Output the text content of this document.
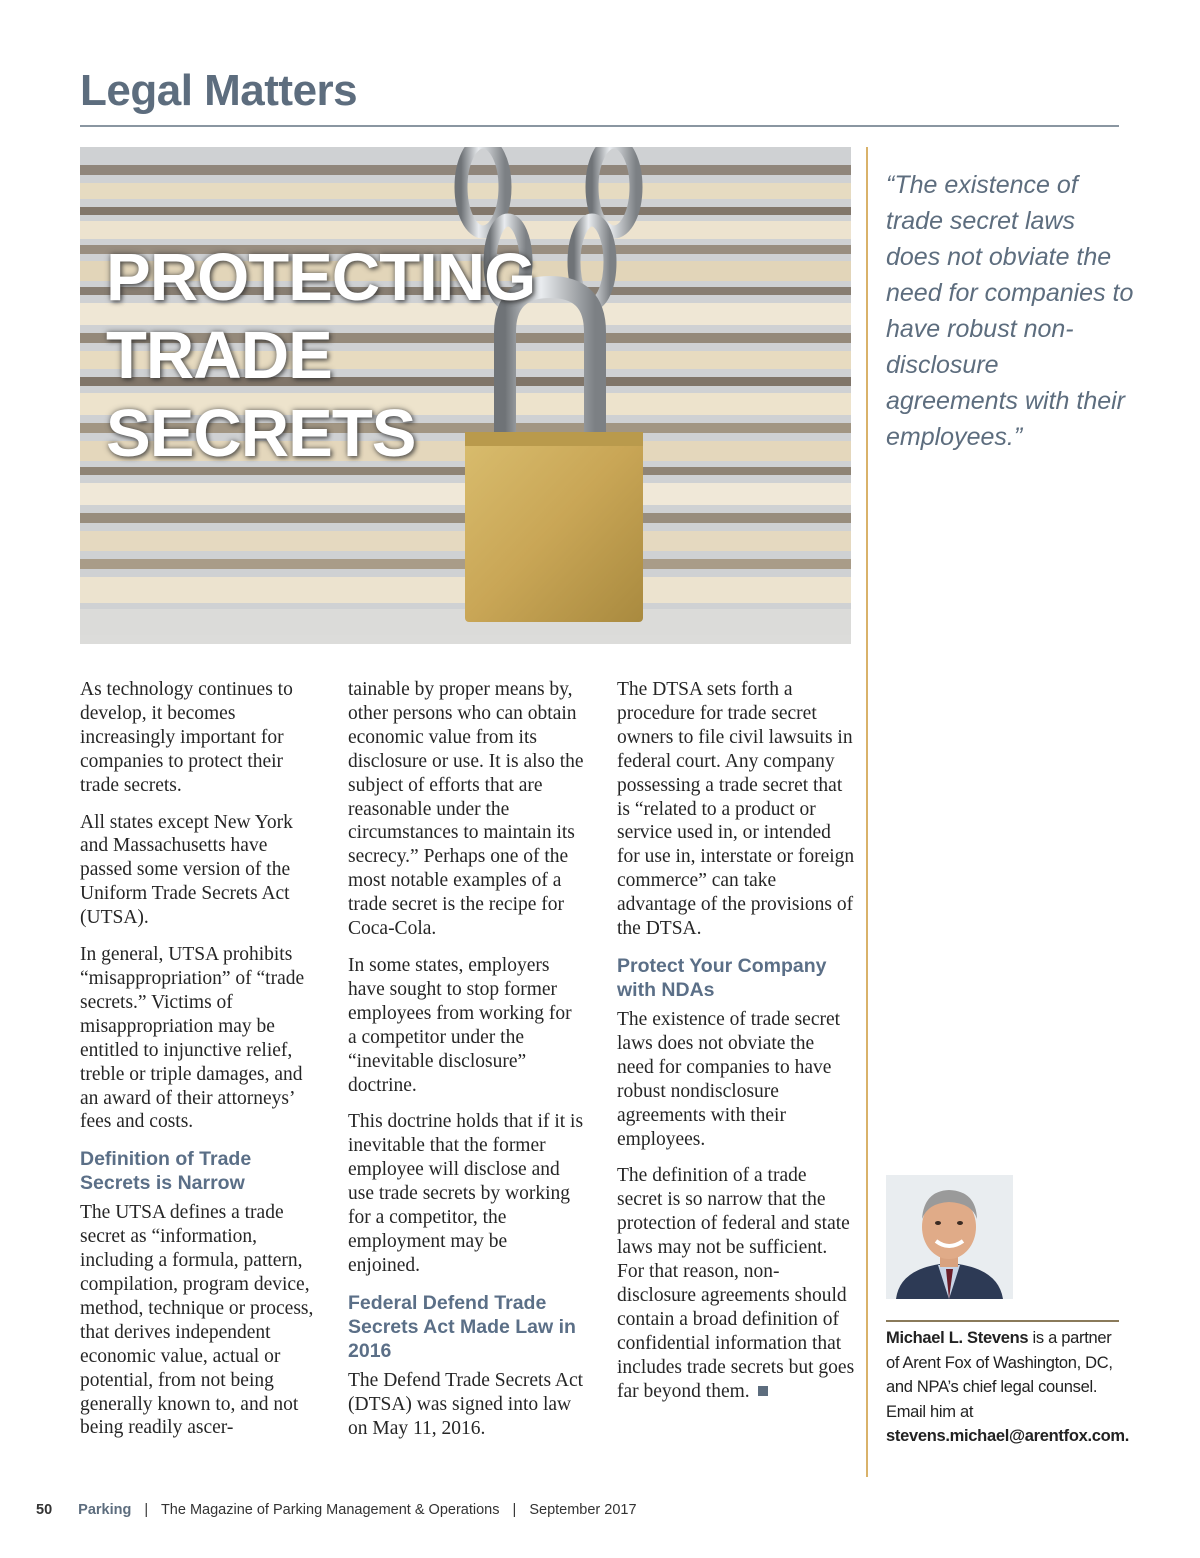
Legal Matters
PROTECTING
TRADE
SECRETS
“The existence of trade secret laws does not obviate the need for companies to have robust non-disclosure agreements with their employees.”

As technology continues to develop, it becomes increasingly important for companies to protect their trade secrets.

All states except New York and Massachusetts have passed some version of the Uniform Trade Secrets Act (UTSA).

In general, UTSA prohibits “misappropriation” of “trade secrets.” Victims of misappropriation may be entitled to injunctive relief, treble or triple damages, and an award of their attorneys’ fees and costs.

Definition of Trade Secrets is Narrow

The UTSA defines a trade secret as “information, including a formula, pattern, compilation, program device, method, technique or process, that derives independent economic value, actual or potential, from not being generally known to, and not being readily ascer-

tainable by proper means by, other persons who can obtain economic value from its disclosure or use. It is also the subject of efforts that are reasonable under the circumstances to maintain its secrecy.” Perhaps one of the most notable examples of a trade secret is the recipe for Coca-Cola.

In some states, employers have sought to stop former employees from working for a competitor under the “inevitable disclosure” doctrine.

This doctrine holds that if it is inevitable that the former employee will disclose and use trade secrets by working for a competitor, the employment may be enjoined.

Federal Defend Trade Secrets Act Made Law in 2016

The Defend Trade Secrets Act (DTSA) was signed into law on May 11, 2016.

The DTSA sets forth a procedure for trade secret owners to file civil lawsuits in federal court. Any company possessing a trade secret that is “related to a product or service used in, or intended for use in, interstate or foreign commerce” can take advantage of the provisions of the DTSA.

Protect Your Company with NDAs

The existence of trade secret laws does not obviate the need for companies to have robust nondisclosure agreements with their employees.

The definition of a trade secret is so narrow that the protection of federal and state laws may not be sufficient. For that reason, non-disclosure agreements should contain a broad definition of confidential information that includes trade secrets but goes far beyond them.

Michael L. Stevens is a partner of Arent Fox of Washington, DC, and NPA’s chief legal counsel. Email him at stevens.michael@arentfox.com.
50 Parking | The Magazine of Parking Management & Operations | September 2017
